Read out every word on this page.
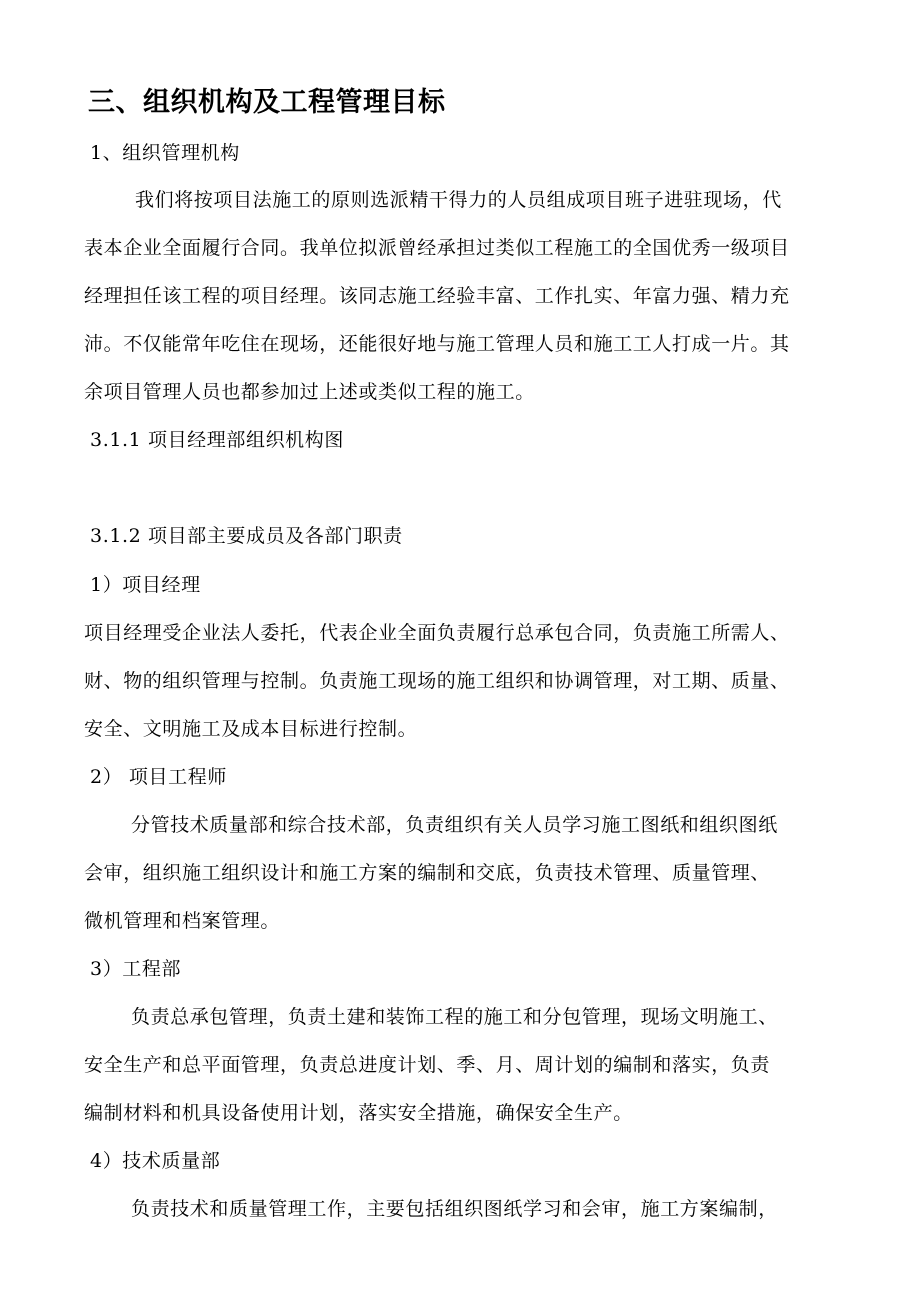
三、组织机构及工程管理目标
1、组织管理机构
我们将按项目法施工的原则选派精干得力的人员组成项目班子进驻现场，代
表本企业全面履行合同。我单位拟派曾经承担过类似工程施工的全国优秀一级项目
经理担任该工程的项目经理。该同志施工经验丰富、工作扎实、年富力强、精力充
沛。不仅能常年吃住在现场，还能很好地与施工管理人员和施工工人打成一片。其
余项目管理人员也都参加过上述或类似工程的施工。
3.1.1 项目经理部组织机构图
3.1.2 项目部主要成员及各部门职责
1）项目经理
项目经理受企业法人委托，代表企业全面负责履行总承包合同，负责施工所需人、
财、物的组织管理与控制。负责施工现场的施工组织和协调管理，对工期、质量、
安全、文明施工及成本目标进行控制。
2） 项目工程师
分管技术质量部和综合技术部，负责组织有关人员学习施工图纸和组织图纸
会审，组织施工组织设计和施工方案的编制和交底，负责技术管理、质量管理、
微机管理和档案管理。
3）工程部
负责总承包管理，负责土建和装饰工程的施工和分包管理，现场文明施工、
安全生产和总平面管理，负责总进度计划、季、月、周计划的编制和落实，负责
编制材料和机具设备使用计划，落实安全措施，确保安全生产。
4）技术质量部
负责技术和质量管理工作，主要包括组织图纸学习和会审，施工方案编制，
